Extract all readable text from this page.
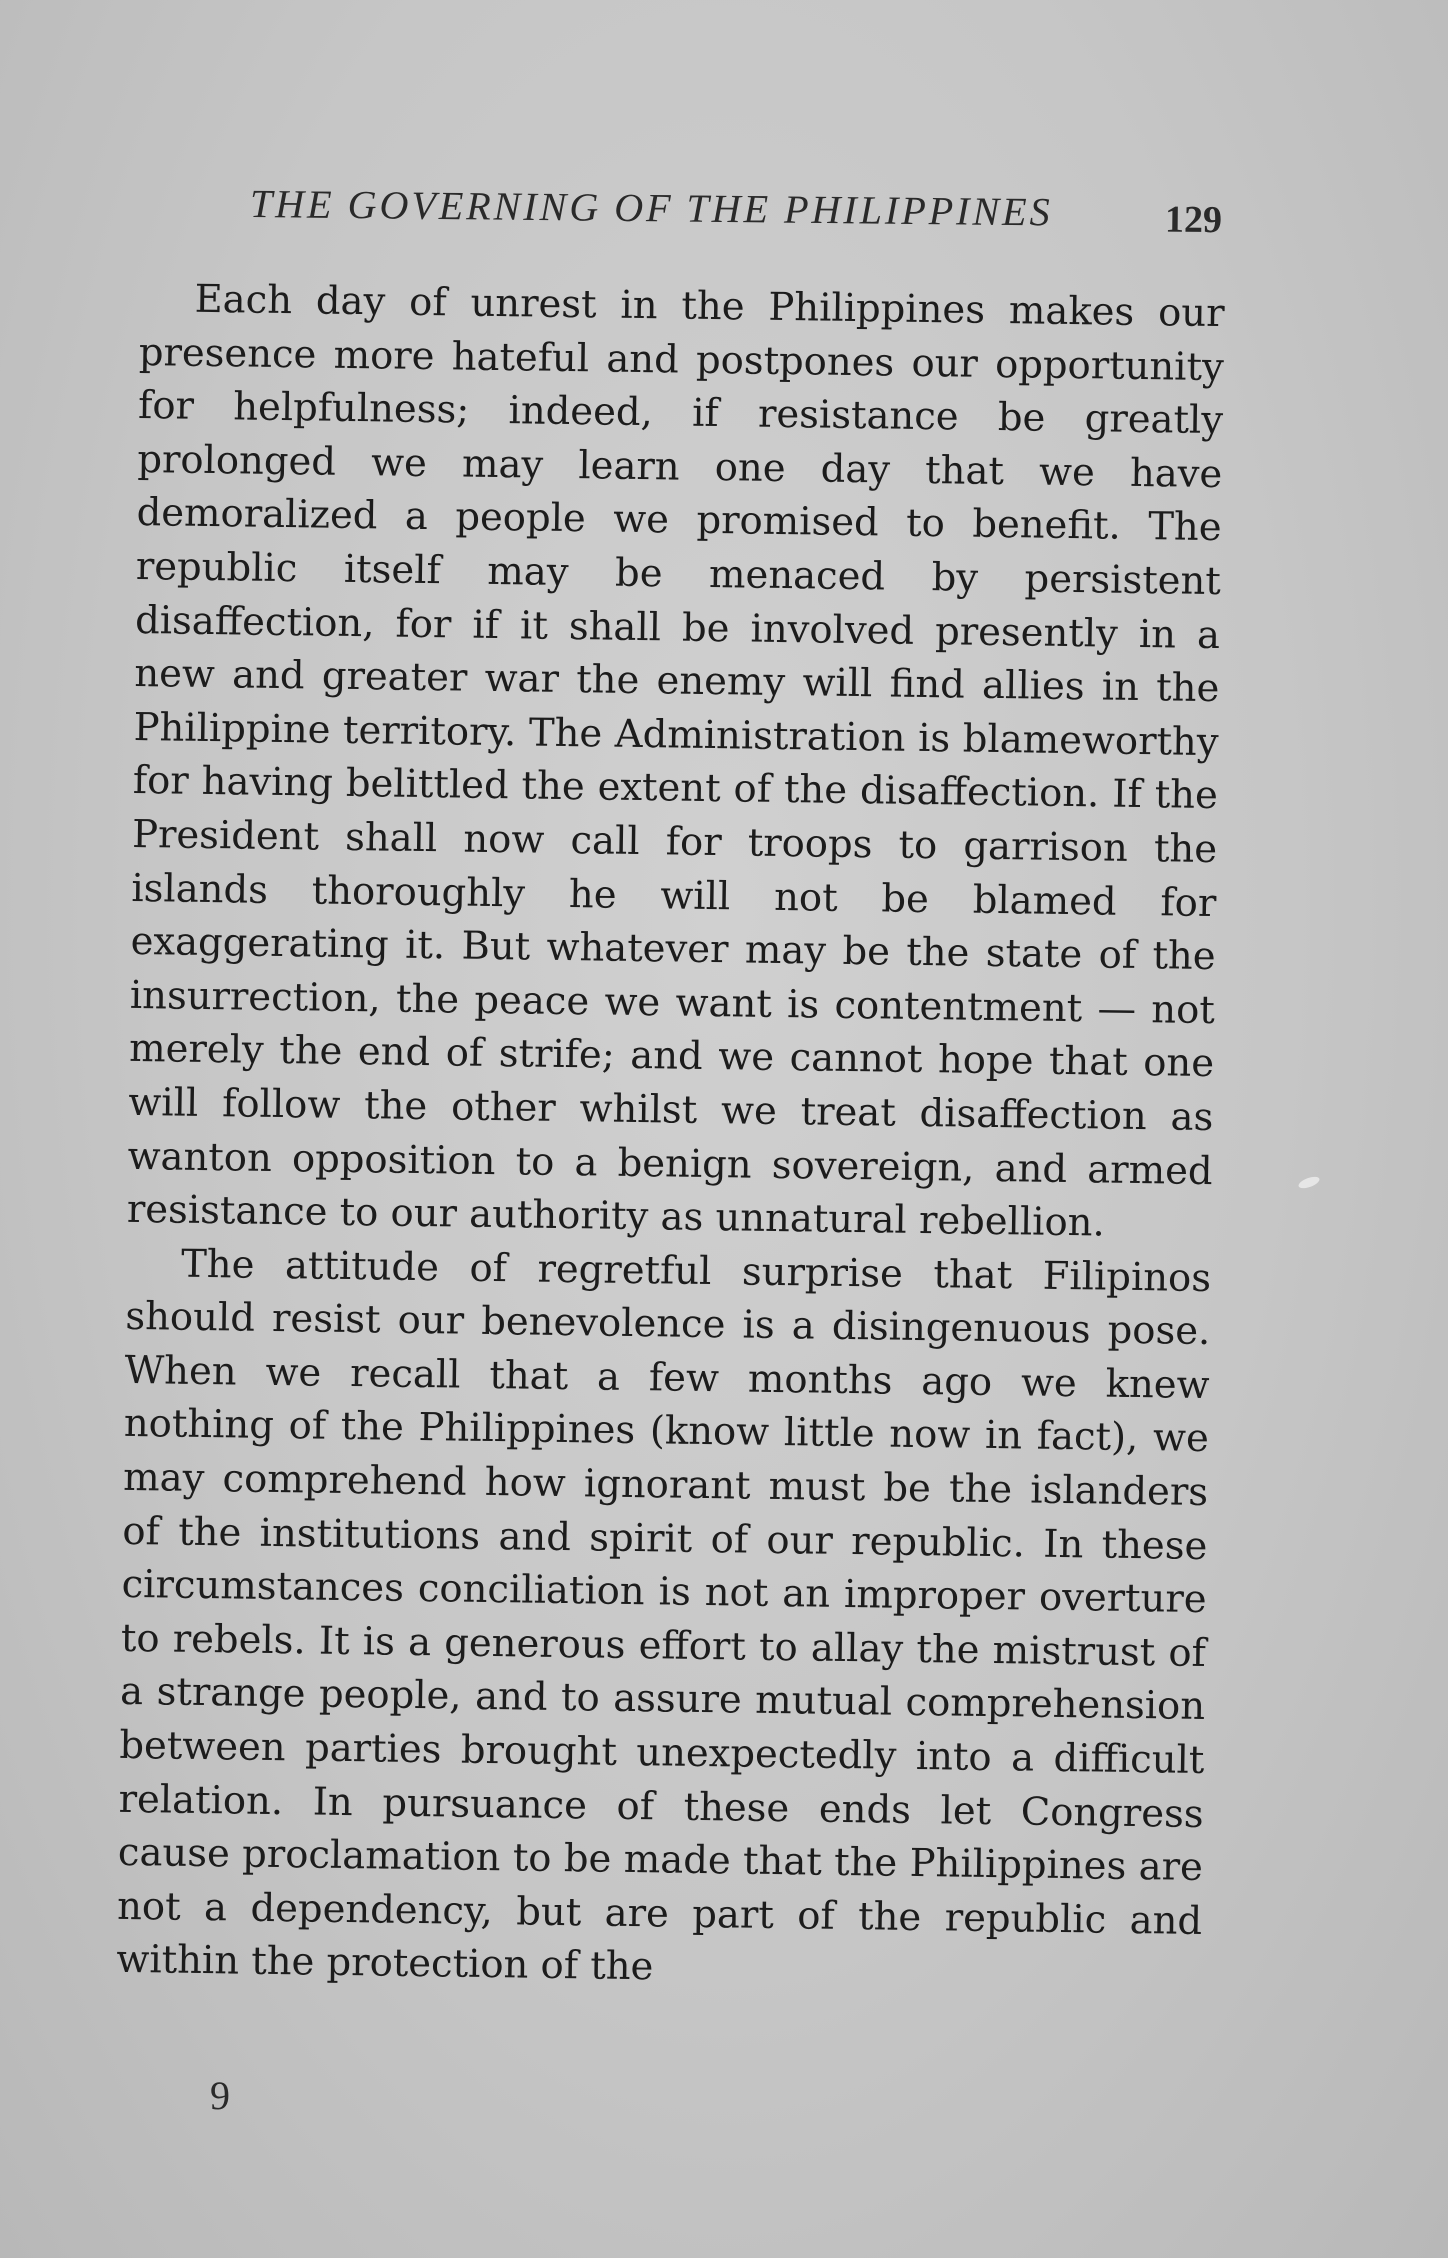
THE GOVERNING OF THE PHILIPPINES	129

Each day of unrest in the Philippines makes our presence more hateful and postpones our opportunity for helpfulness; indeed, if resistance be greatly prolonged we may learn one day that we have demoralized a people we promised to benefit. The republic itself may be menaced by persistent disaffection, for if it shall be involved presently in a new and greater war the enemy will find allies in the Philippine territory. The Administration is blameworthy for having belittled the extent of the disaffection. If the President shall now call for troops to garrison the islands thoroughly he will not be blamed for exaggerating it. But whatever may be the state of the insurrection, the peace we want is contentment — not merely the end of strife; and we cannot hope that one will follow the other whilst we treat disaffection as wanton opposition to a benign sovereign, and armed resistance to our authority as unnatural rebellion.

The attitude of regretful surprise that Filipinos should resist our benevolence is a disingenuous pose. When we recall that a few months ago we knew nothing of the Philippines (know little now in fact), we may comprehend how ignorant must be the islanders of the institutions and spirit of our republic. In these circumstances conciliation is not an improper overture to rebels. It is a generous effort to allay the mistrust of a strange people, and to assure mutual comprehension between parties brought unexpectedly into a difficult relation. In pursuance of these ends let Congress cause proclamation to be made that the Philippines are not a dependency, but are part of the republic and within the protection of the

9
